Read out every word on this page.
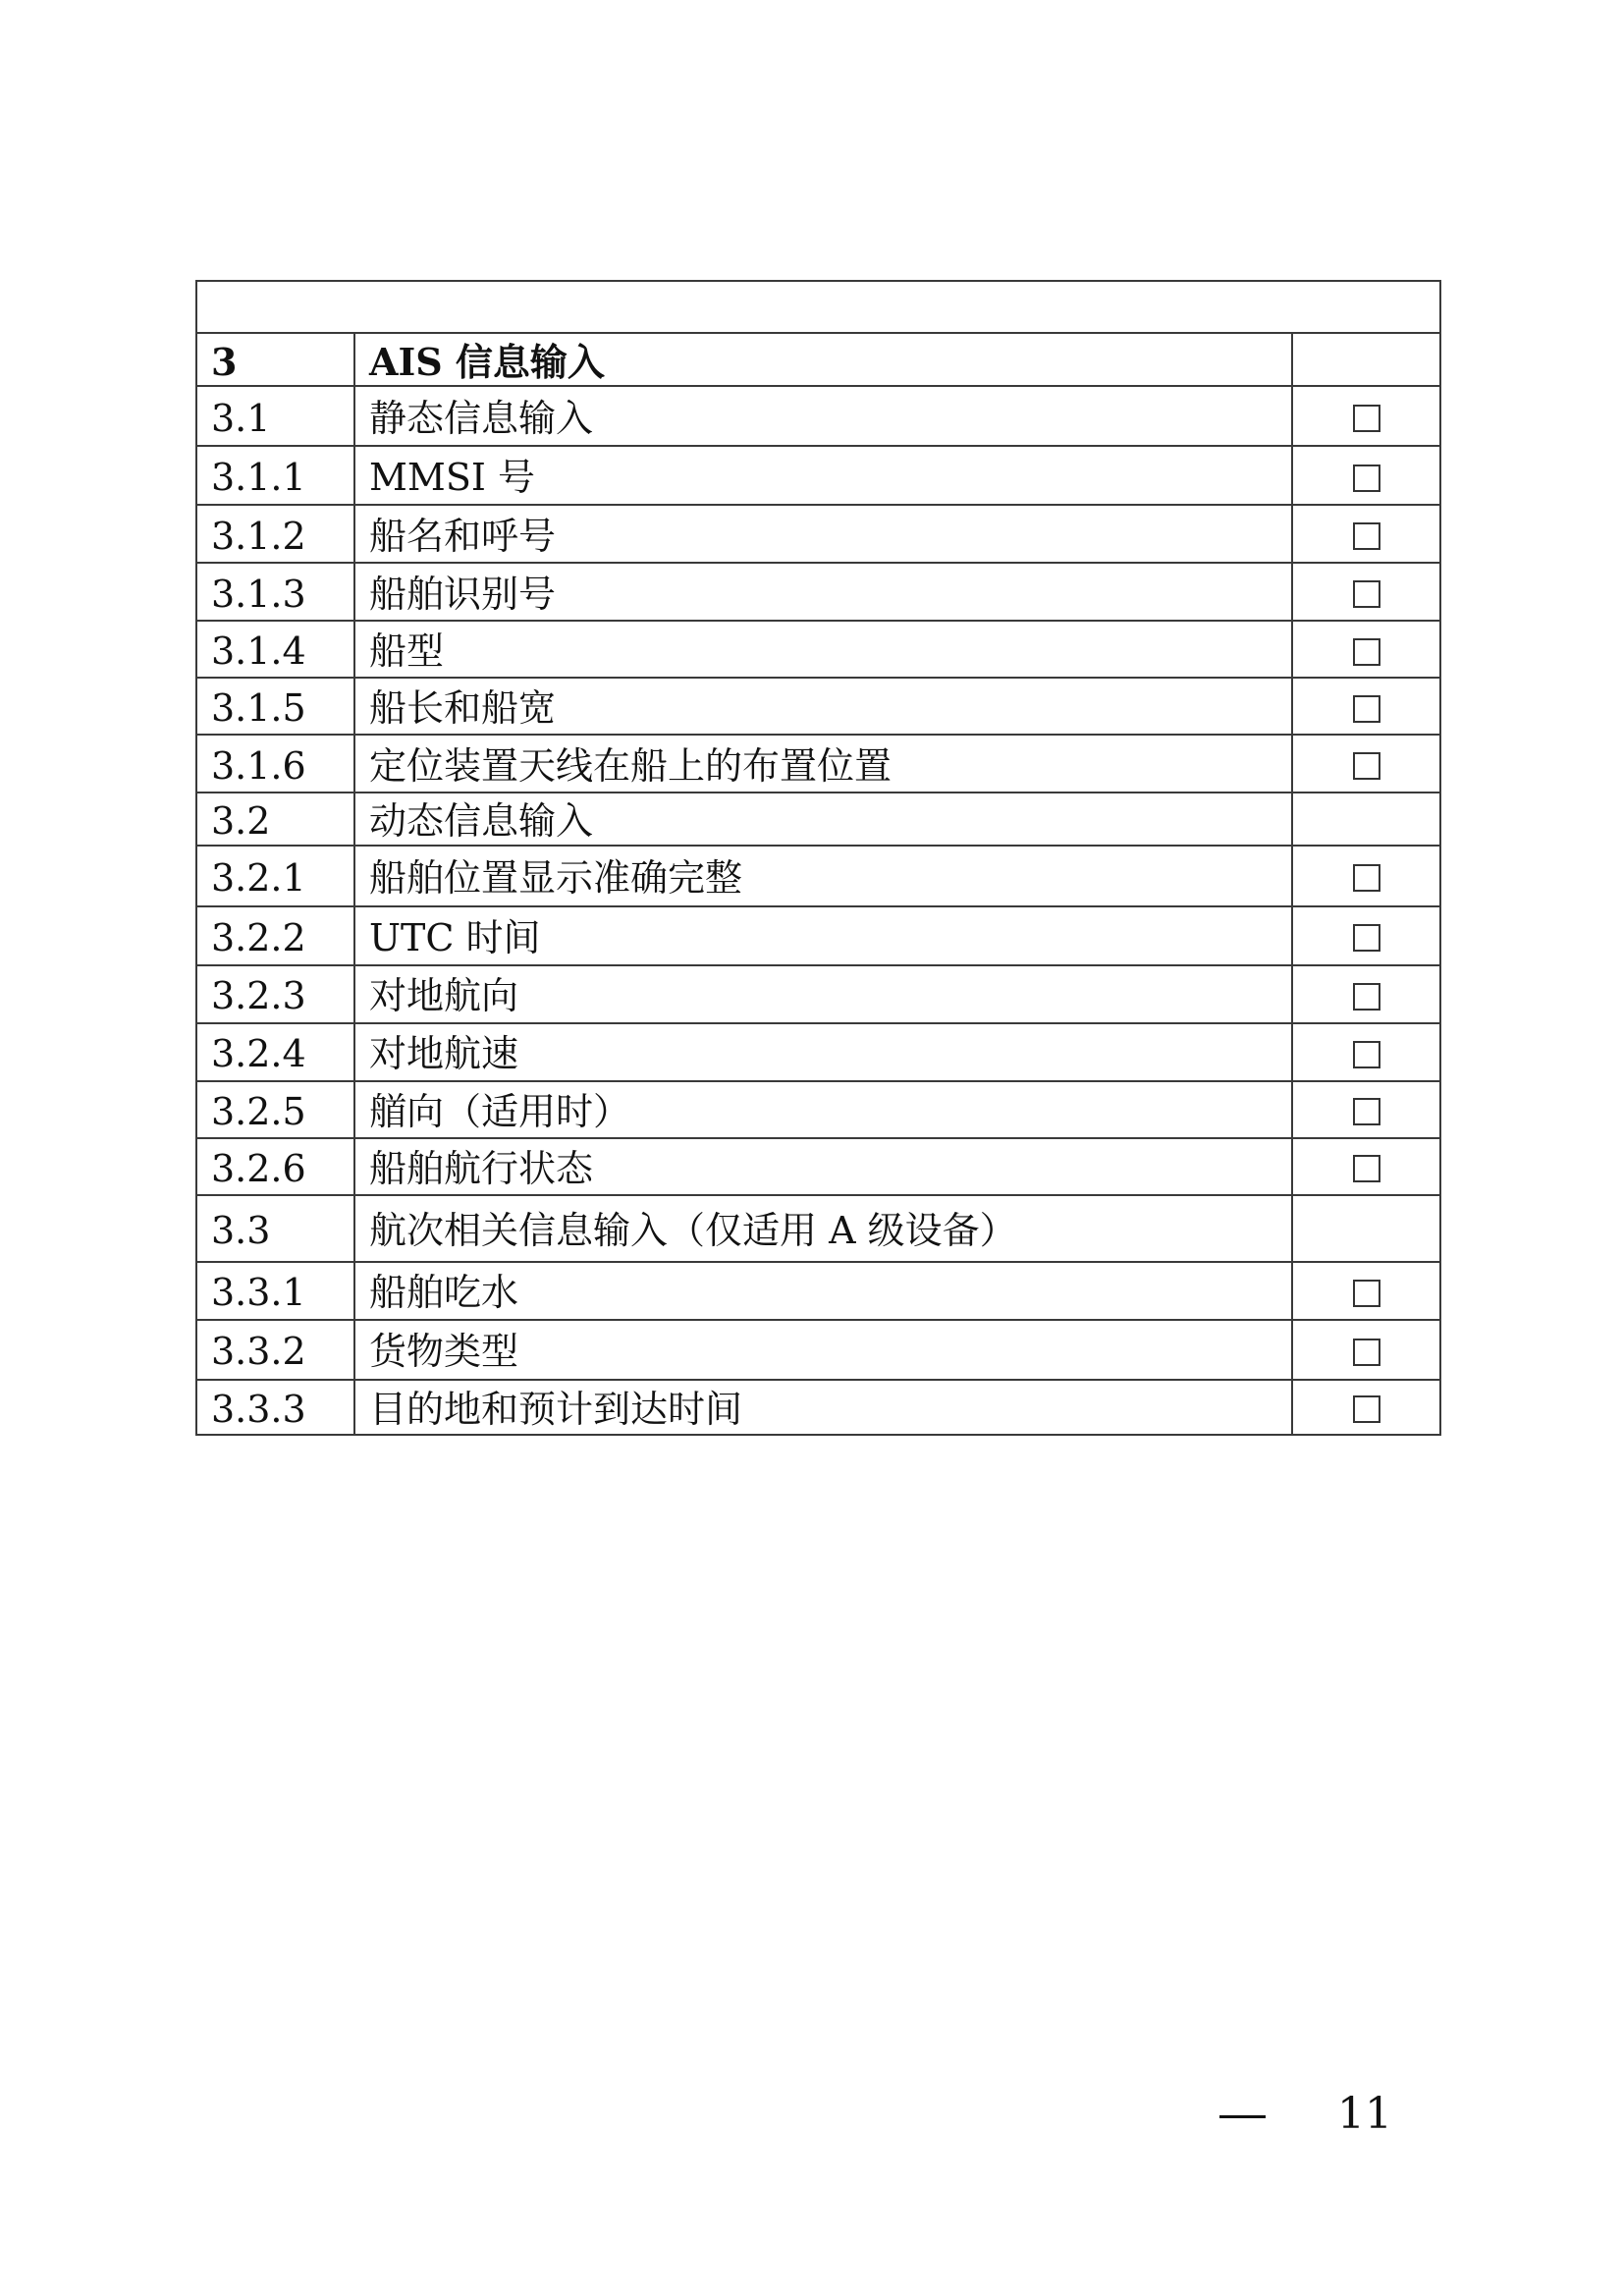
3	AIS 信息输入	
3.1	静态信息输入	
3.1.1	MMSI 号	
3.1.2	船名和呼号	
3.1.3	船舶识别号	
3.1.4	船型	
3.1.5	船长和船宽	
3.1.6	定位装置天线在船上的布置位置	
3.2	动态信息输入	
3.2.1	船舶位置显示准确完整	
3.2.2	UTC 时间	
3.2.3	对地航向	
3.2.4	对地航速	
3.2.5	艏向（适用时）	
3.2.6	船舶航行状态	
3.3	航次相关信息输入（仅适用 A 级设备）	
3.3.1	船舶吃水	
3.3.2	货物类型	
3.3.3	目的地和预计到达时间	
11
